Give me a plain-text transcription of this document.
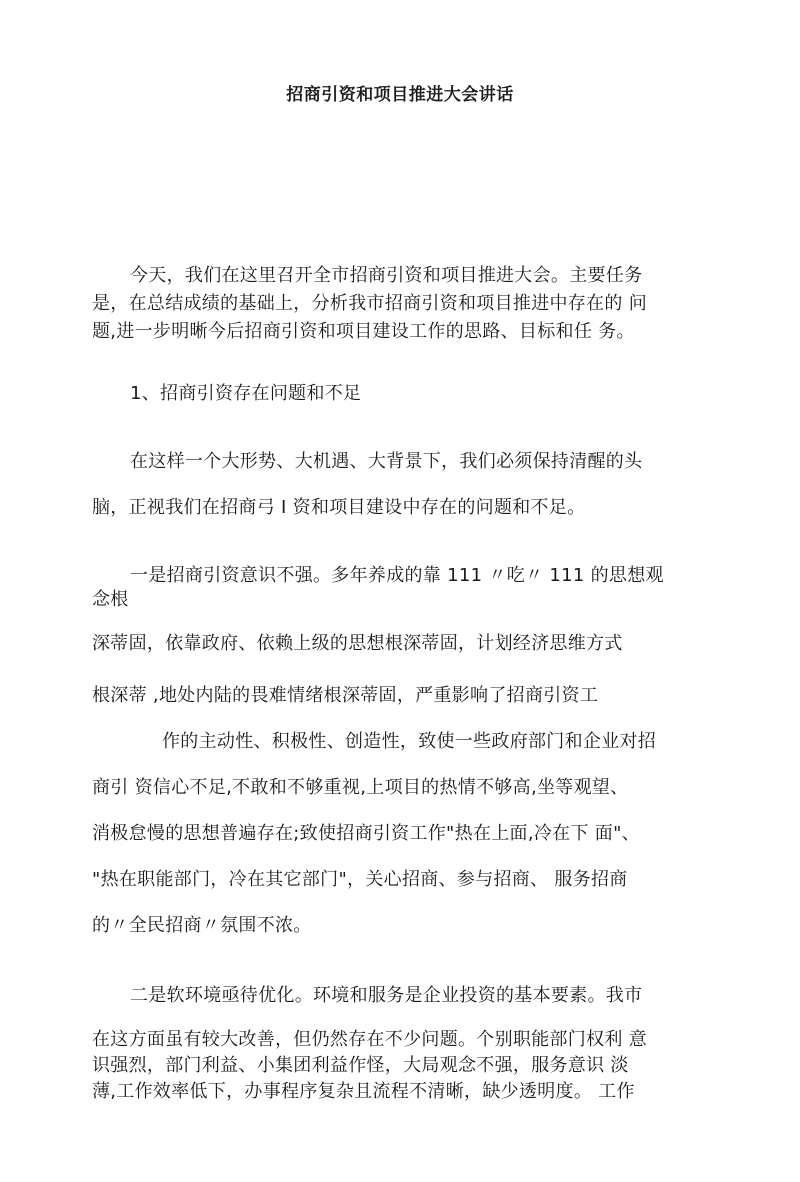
招商引资和项目推进大会讲话
今天，我们在这里召开全市招商引资和项目推进大会。主要任务
是，在总结成绩的基础上，分析我市招商引资和项目推进中存在的 问
题,进一步明晰今后招商引资和项目建设工作的思路、目标和任 务。
1、招商引资存在问题和不足
在这样一个大形势、大机遇、大背景下，我们必须保持清醒的头
脑，正视我们在招商弓 I 资和项目建设中存在的问题和不足。
一是招商引资意识不强。多年养成的靠 111 〃吃〃 111 的思想观
念根
深蒂固，依靠政府、依赖上级的思想根深蒂固，计划经济思维方式
根深蒂 ,地处内陆的畏难情绪根深蒂固，严重影响了招商引资工
作的主动性、积极性、创造性，致使一些政府部门和企业对招
商引 资信心不足,不敢和不够重视,上项目的热情不够高,坐等观望、
消极怠慢的思想普遍存在;致使招商引资工作"热在上面,冷在下 面"、
"热在职能部门，冷在其它部门"，关心招商、参与招商、 服务招商
的〃全民招商〃氛围不浓。
二是软环境亟待优化。环境和服务是企业投资的基本要素。我市
在这方面虽有较大改善，但仍然存在不少问题。个别职能部门权利 意
识强烈，部门利益、小集团利益作怪，大局观念不强，服务意识 淡
薄,工作效率低下，办事程序复杂且流程不清晰，缺少透明度。 工作
